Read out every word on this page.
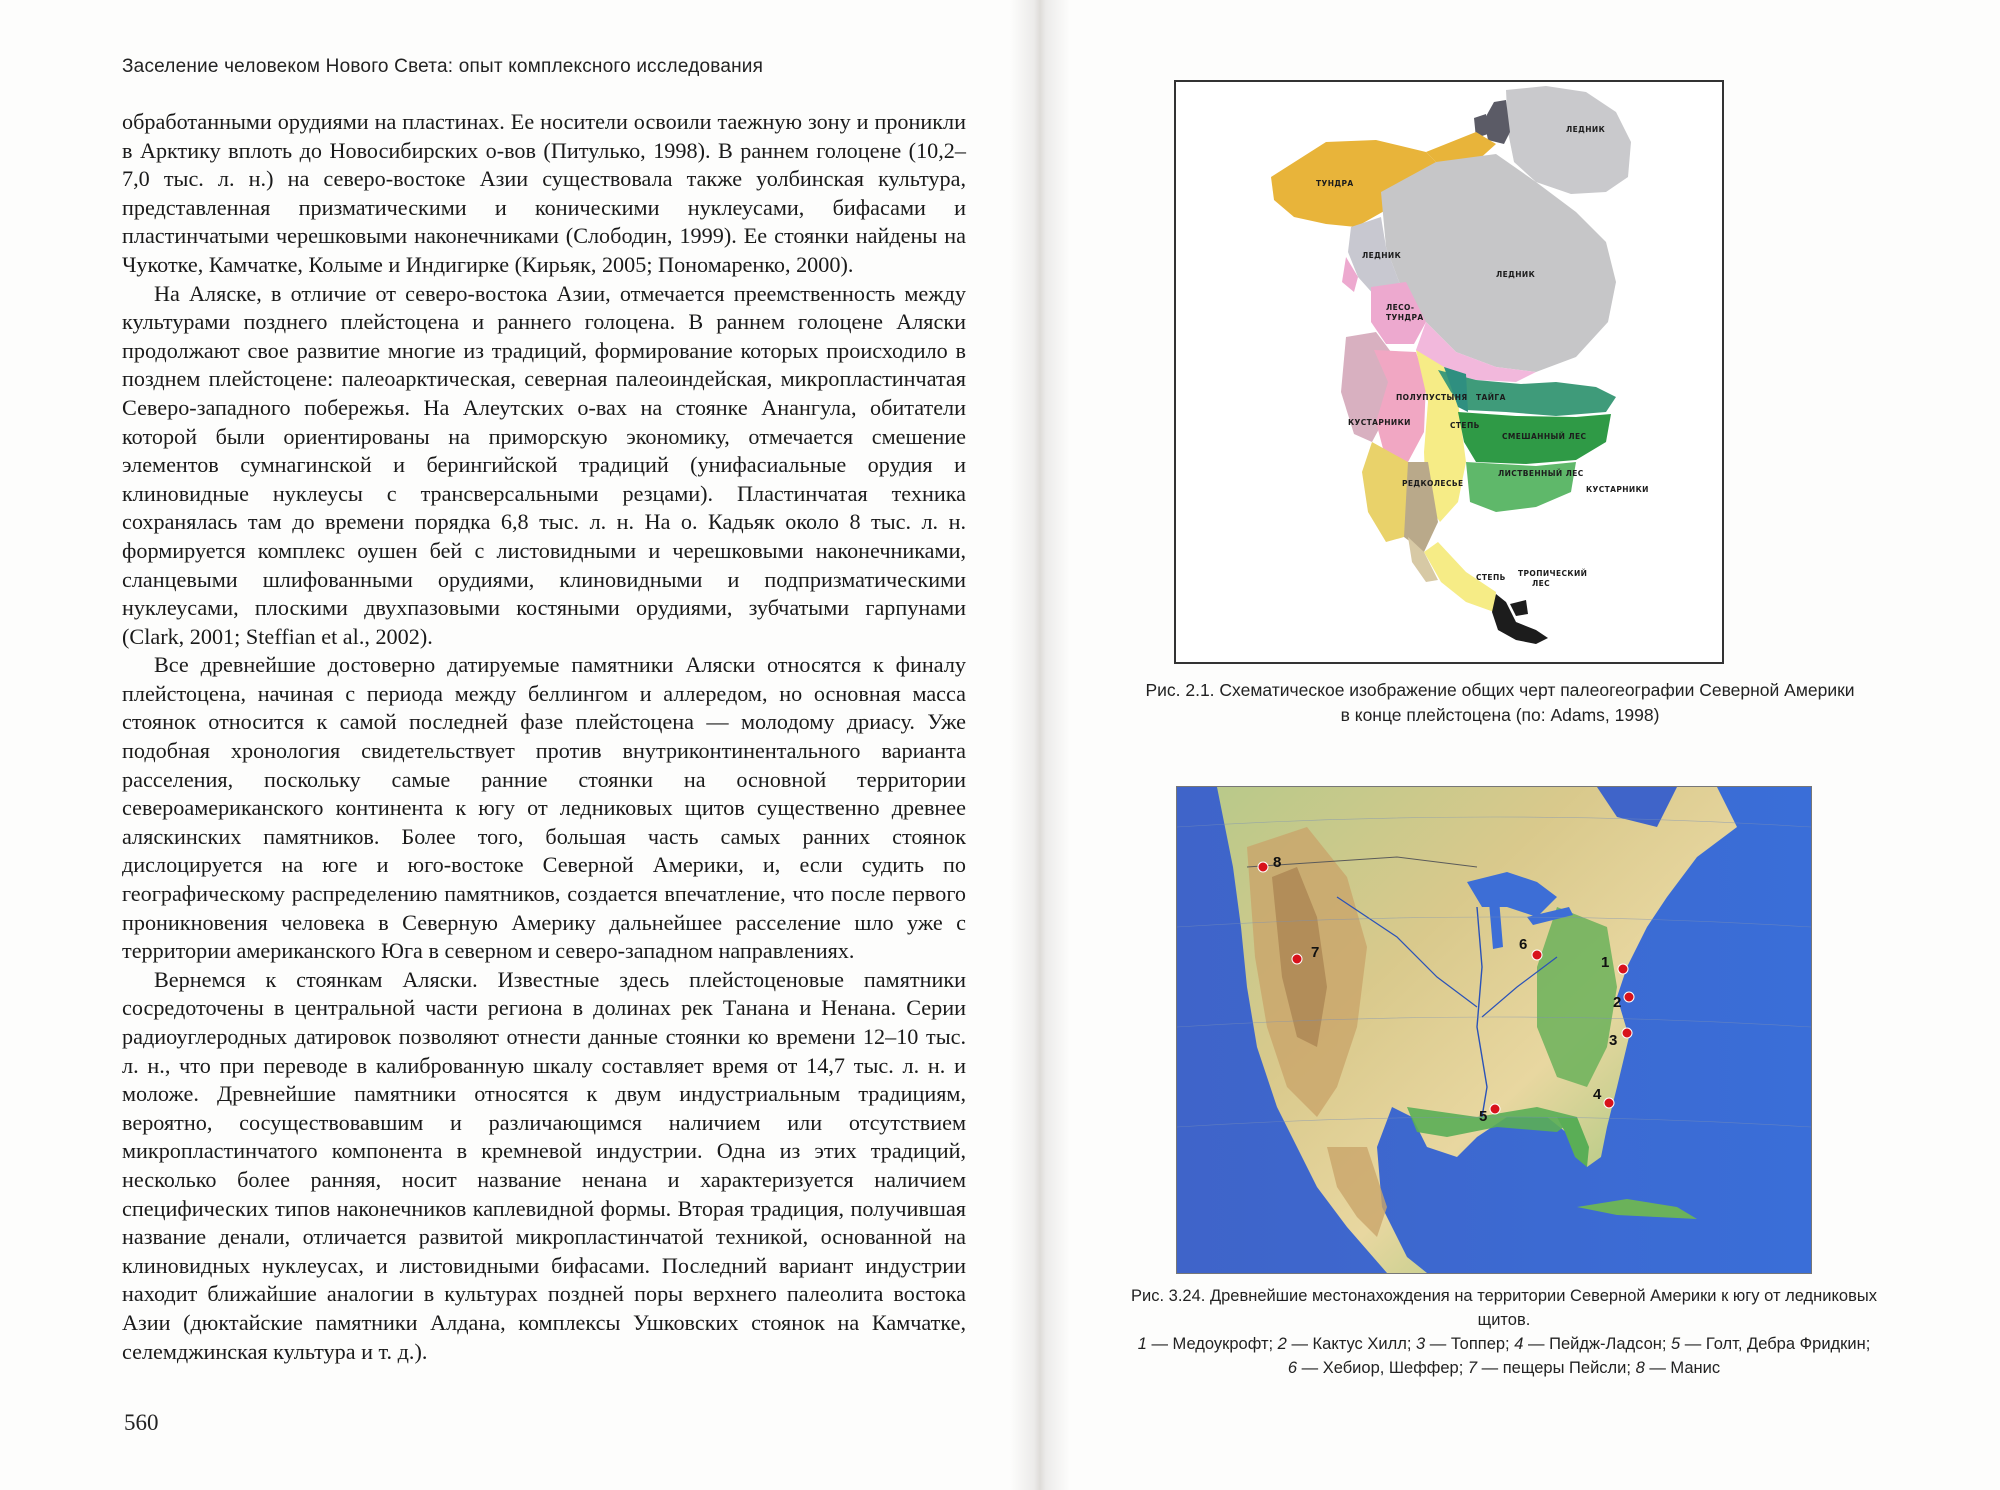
Заселение человеком Нового Света: опыт комплексного исследования

обработанными орудиями на пластинах. Ее носители освоили таежную зону и проникли в Арктику вплоть до Новосибирских о-вов (Питулько, 1998). В раннем голоцене (10,2–7,0 тыс. л. н.) на северо-востоке Азии существовала также уолбинская культура, представленная призматическими и коническими нуклеусами, бифасами и пластинчатыми черешковыми наконечниками (Слободин, 1999). Ее стоянки найдены на Чукотке, Камчатке, Колыме и Индигирке (Кирьяк, 2005; Пономаренко, 2000).

На Аляске, в отличие от северо-востока Азии, отмечается преемственность между культурами позднего плейстоцена и раннего голоцена. В раннем голоцене Аляски продолжают свое развитие многие из традиций, формирование которых происходило в позднем плейстоцене: палеоарктическая, северная палеоиндейская, микропластинчатая Северо-западного побережья. На Алеутских о-вах на стоянке Анангула, обитатели которой были ориентированы на приморскую экономику, отмечается смешение элементов сумнагинской и берингийской традиций (унифасиальные орудия и клиновидные нуклеусы с трансверсальными резцами). Пластинчатая техника сохранялась там до времени порядка 6,8 тыс. л. н. На о. Кадьяк около 8 тыс. л. н. формируется комплекс оушен бей с листовидными и черешковыми наконечниками, сланцевыми шлифованными орудиями, клиновидными и подпризматическими нуклеусами, плоскими двухпазовыми костяными орудиями, зубчатыми гарпунами (Clark, 2001; Steffian et al., 2002).

Все древнейшие достоверно датируемые памятники Аляски относятся к финалу плейстоцена, начиная с периода между беллингом и аллередом, но основная масса стоянок относится к самой последней фазе плейстоцена — молодому дриасу. Уже подобная хронология свидетельствует против внутриконтинентального варианта расселения, поскольку самые ранние стоянки на основной территории североамериканского континента к югу от ледниковых щитов существенно древнее аляскинских памятников. Более того, большая часть самых ранних стоянок дислоцируется на юге и юго-востоке Северной Америки, и, если судить по географическому распределению памятников, создается впечатление, что после первого проникновения человека в Северную Америку дальнейшее расселение шло уже с территории американского Юга в северном и северо-западном направлениях.

Вернемся к стоянкам Аляски. Известные здесь плейстоценовые памятники сосредоточены в центральной части региона в долинах рек Танана и Ненана. Серии радиоуглеродных датировок позволяют отнести данные стоянки ко времени 12–10 тыс. л. н., что при переводе в калиброванную шкалу составляет время от 14,7 тыс. л. н. и моложе. Древнейшие памятники относятся к двум индустриальным традициям, вероятно, сосуществовавшим и различающимся наличием или отсутствием микропластинчатого компонента в кремневой индустрии. Одна из этих традиций, несколько более ранняя, носит название ненана и характеризуется наличием специфических типов наконечников каплевидной формы. Вторая традиция, получившая название денали, отличается развитой микропластинчатой техникой, основанной на клиновидных нуклеусах, и листовидными бифасами. Последний вариант индустрии находит ближайшие аналогии в культурах поздней поры верхнего палеолита востока Азии (дюктайские памятники Алдана, комплексы Ушковских стоянок на Камчатке, селемджинская культура и т. д.).

560
ЛЕДНИК
ТУНДРА
ЛЕДНИК
ЛЕДНИК
ЛЕСО-
ТУНДРА
ПОЛУПУСТЫНЯ ТАЙГА
КУСТАРНИКИ	СТЕПЬ
СМЕШАННЫЙ ЛЕС
ЛИСТВЕННЫЙ ЛЕС
РЕДКОЛЕСЬЕ
КУСТАРНИКИ
СТЕПЬ ТРОПИЧЕСКИЙ
ЛЕС
Рис. 2.1. Схематическое изображение общих черт палеогеографии Северной Америки
в конце плейстоцена (по: Adams, 1998)
1
2
3
4
5
6
7
8
Рис. 3.24. Древнейшие местонахождения на территории Северной Америки к югу от ледниковых щитов.
1 — Медоукрофт; 2 — Кактус Хилл; 3 — Топпер; 4 — Пейдж-Ладсон; 5 — Голт, Дебра Фридкин;
6 — Хебиор, Шеффер; 7 — пещеры Пейсли; 8 — Манис
